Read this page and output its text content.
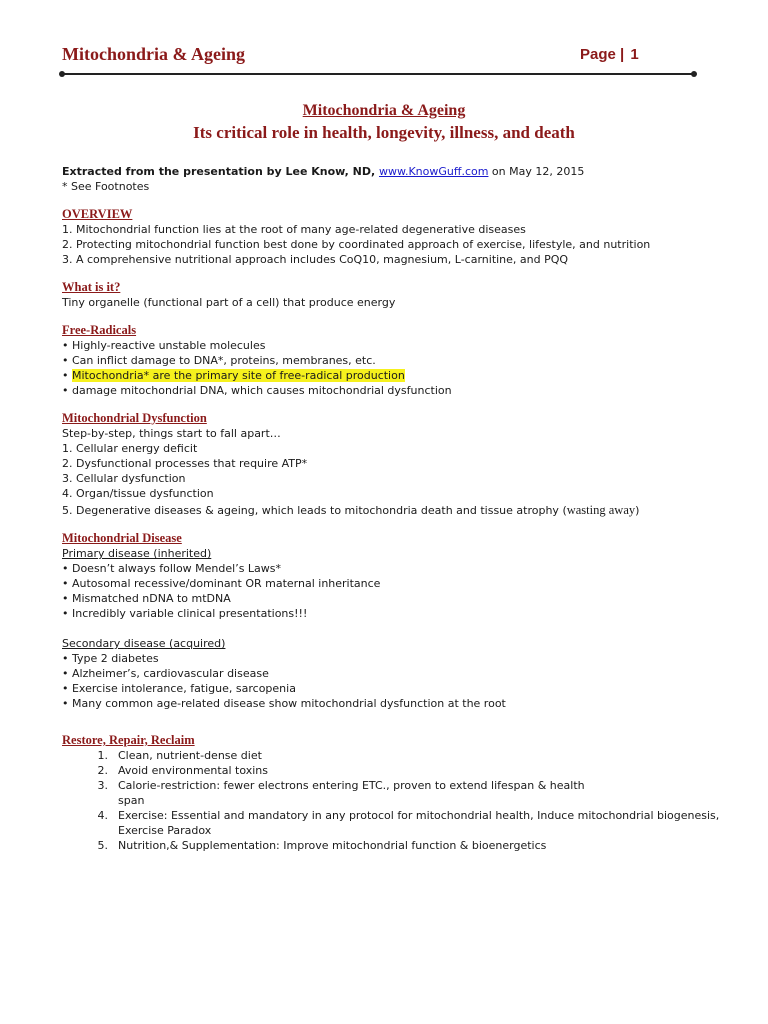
Mitochondria & Ageing	Page | 1
Mitochondria & Ageing
Its critical role in health, longevity, illness, and death
Extracted from the presentation by Lee Know, ND, www.KnowGuff.com on May 12, 2015
* See Footnotes
OVERVIEW
1. Mitochondrial function lies at the root of many age-related degenerative diseases
2. Protecting mitochondrial function best done by coordinated approach of exercise, lifestyle, and nutrition
3. A comprehensive nutritional approach includes CoQ10, magnesium, L-carnitine, and PQQ
What is it?
Tiny organelle (functional part of a cell) that produce energy
Free-Radicals
• Highly-reactive unstable molecules
• Can inflict damage to DNA*, proteins, membranes, etc.
• Mitochondria* are the primary site of free-radical production
• damage mitochondrial DNA, which causes mitochondrial dysfunction
Mitochondrial Dysfunction
Step-by-step, things start to fall apart…
1. Cellular energy deficit
2. Dysfunctional processes that require ATP*
3. Cellular dysfunction
4. Organ/tissue dysfunction
5. Degenerative diseases & ageing, which leads to mitochondria death and tissue atrophy (wasting away)
Mitochondrial Disease
Primary disease (inherited)
• Doesn’t always follow Mendel’s Laws*
• Autosomal recessive/dominant OR maternal inheritance
• Mismatched nDNA to mtDNA
• Incredibly variable clinical presentations!!!
Secondary disease (acquired)
• Type 2 diabetes
• Alzheimer’s, cardiovascular disease
• Exercise intolerance, fatigue, sarcopenia
• Many common age-related disease show mitochondrial dysfunction at the root
Restore, Repair, Reclaim
1. Clean, nutrient-dense diet
2. Avoid environmental toxins
3. Calorie-restriction: fewer electrons entering ETC., proven to extend lifespan & health span
4. Exercise: Essential and mandatory in any protocol for mitochondrial health, Induce mitochondrial biogenesis, Exercise Paradox
5. Nutrition,& Supplementation: Improve mitochondrial function & bioenergetics
